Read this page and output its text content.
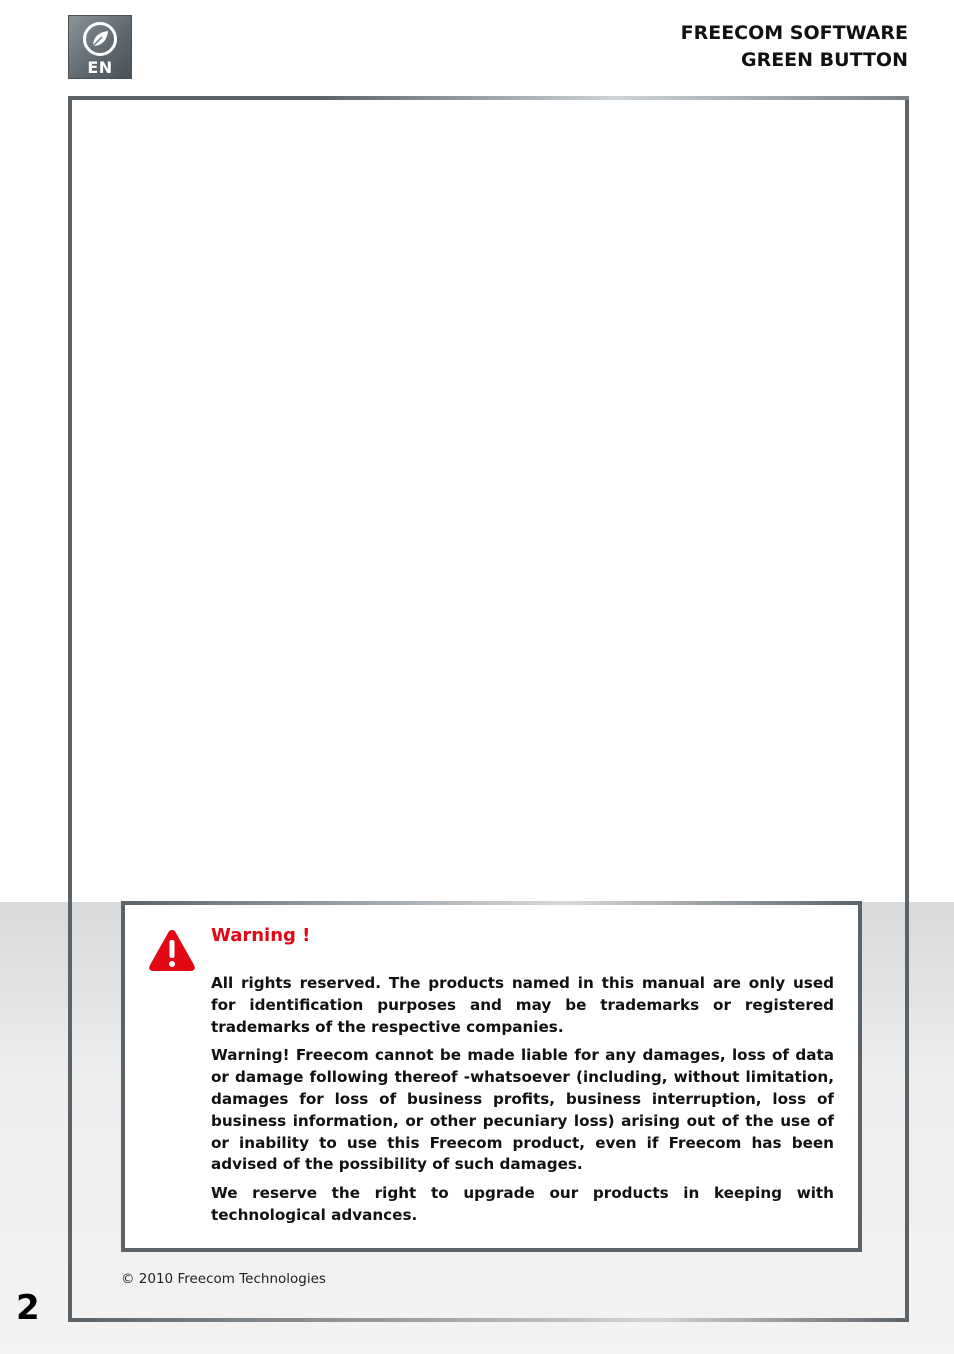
EN
FREECOM SOFTWARE
GREEN BUTTON
Warning !

All rights reserved. The products named in this manual are only used for identification purposes and may be trademarks or registered trademarks of the respective companies.

Warning! Freecom cannot be made liable for any damages, loss of data or damage following thereof -whatsoever (including, without limitation, damages for loss of business profits, business interruption, loss of business information, or other pecuniary loss) arising out of the use of or inability to use this Freecom product, even if Freecom has been advised of the possibility of such damages.

We reserve the right to upgrade our products in keeping with technological advances.

© 2010 Freecom Technologies
2
